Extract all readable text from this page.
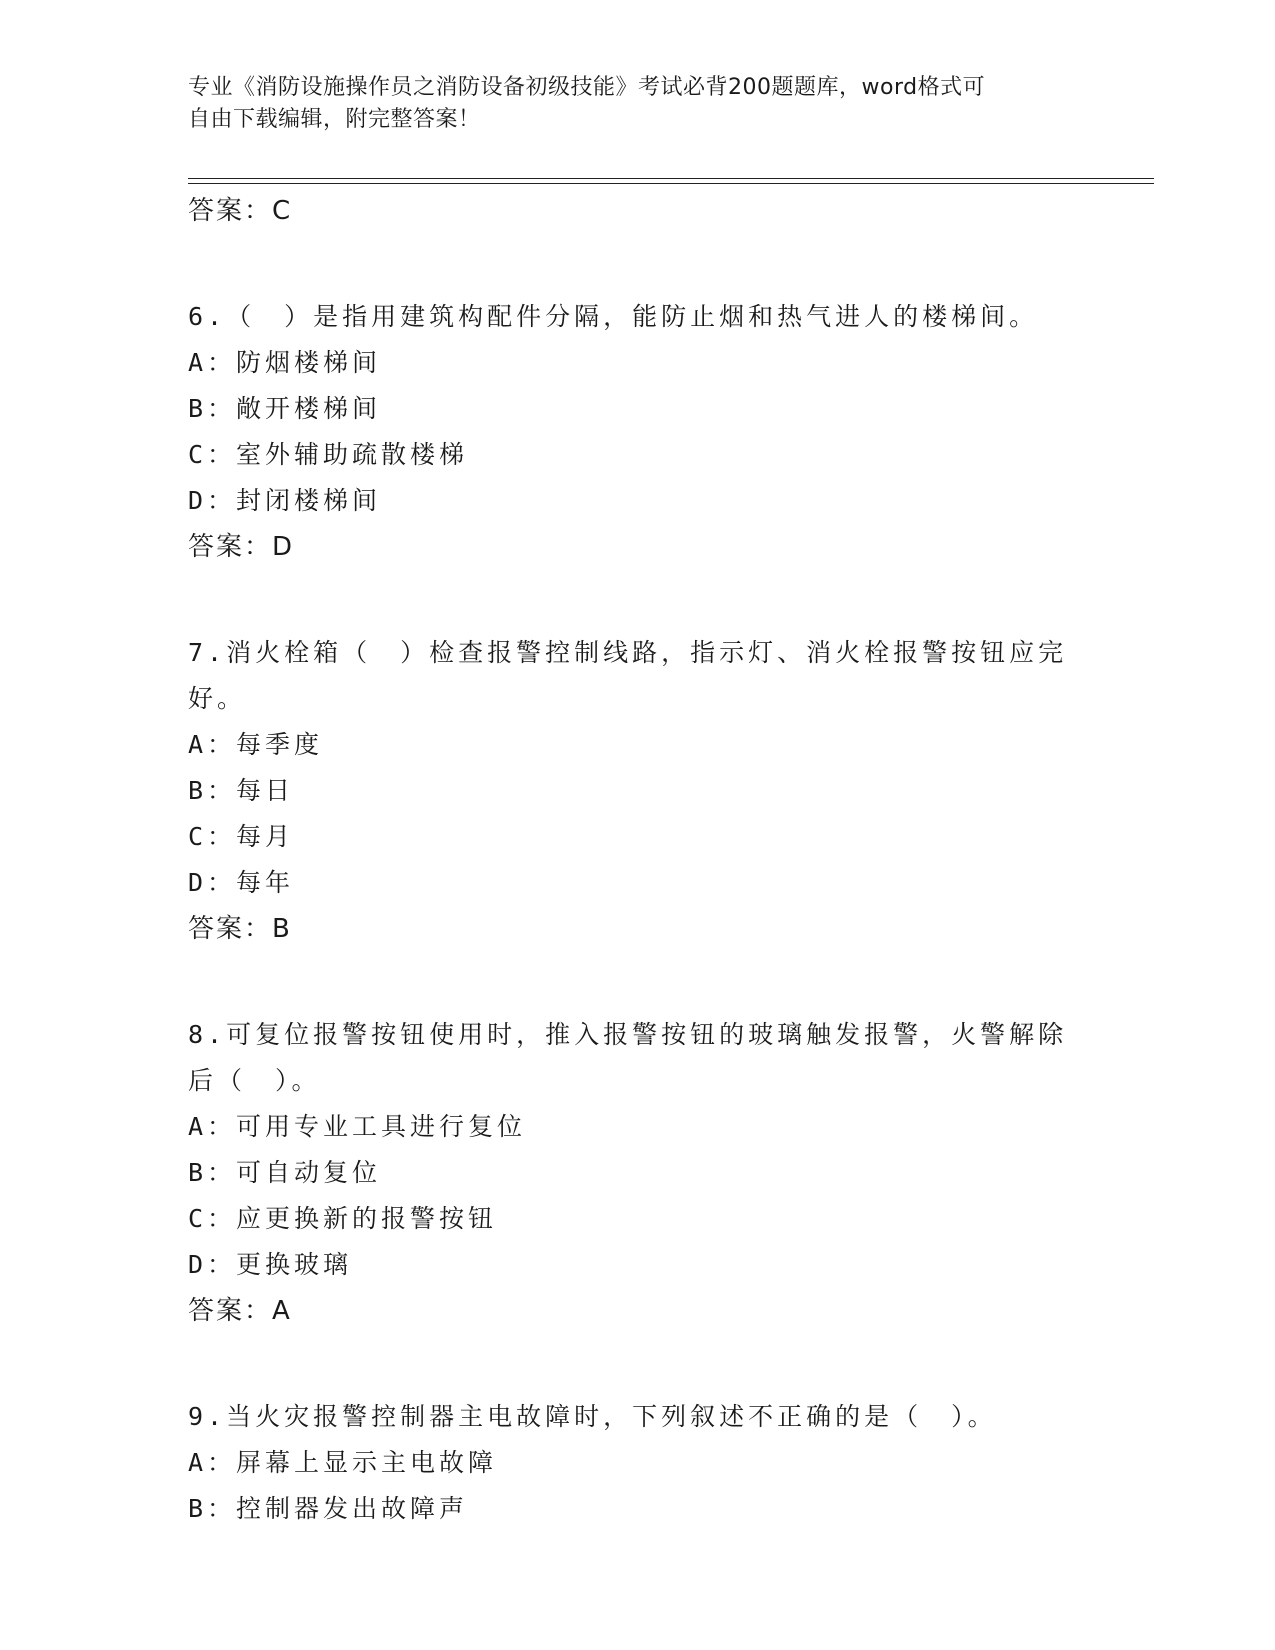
专业《消防设施操作员之消防设备初级技能》考试必背200题题库，word格式可
自由下载编辑，附完整答案！
答案：C
6.（　）是指用建筑构配件分隔，能防止烟和热气进人的楼梯间。
A：防烟楼梯间
B：敞开楼梯间
C：室外辅助疏散楼梯
D：封闭楼梯间
答案：D
7.消火栓箱（　）检查报警控制线路，指示灯、消火栓报警按钮应完
好。
A：每季度
B：每日
C：每月
D：每年
答案：B
8.可复位报警按钮使用时，推入报警按钮的玻璃触发报警，火警解除
后（　）。
A：可用专业工具进行复位
B：可自动复位
C：应更换新的报警按钮
D：更换玻璃
答案：A
9.当火灾报警控制器主电故障时，下列叙述不正确的是（　）。
A：屏幕上显示主电故障
B：控制器发出故障声
